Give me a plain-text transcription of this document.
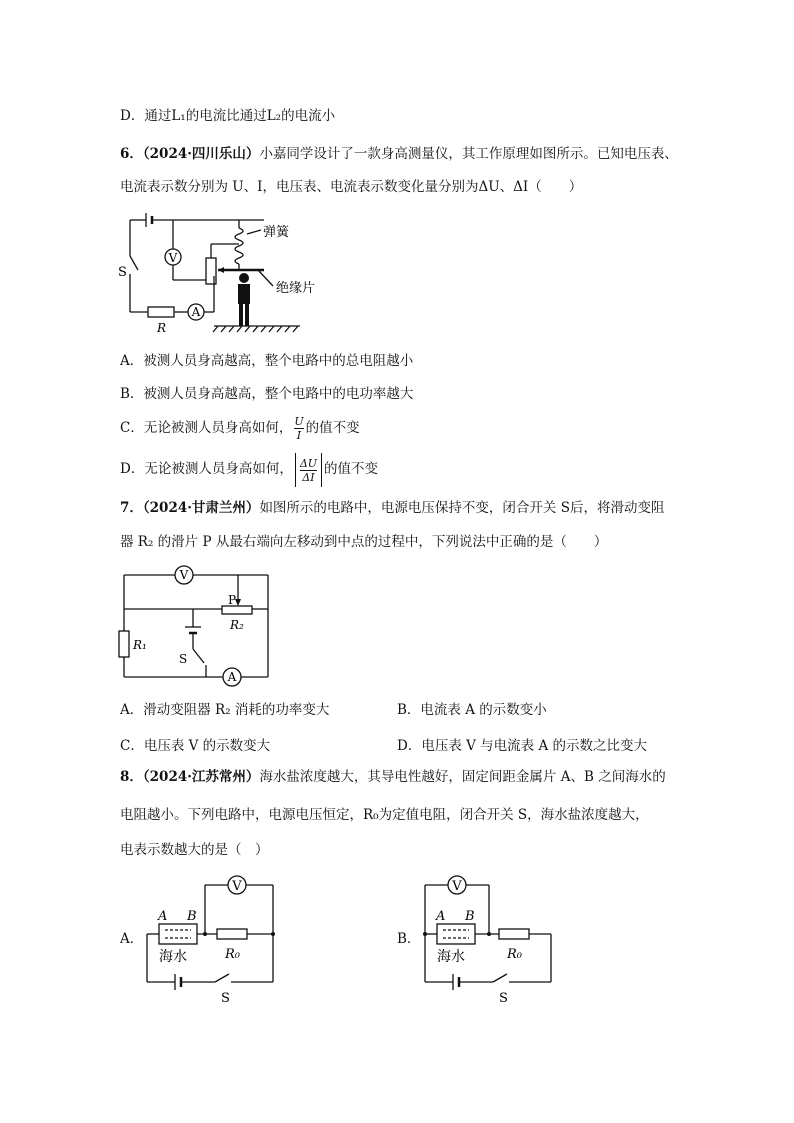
D．通过L₁的电流比通过L₂的电流小
6．（2024·四川乐山）小嘉同学设计了一款身高测量仪，其工作原理如图所示。已知电压表、
电流表示数分别为 U、I，电压表、电流表示数变化量分别为ΔU、ΔI（　　）
V
A
S
R
弹簧
绝缘片
A．被测人员身高越高，整个电路中的总电阻越小
B．被测人员身高越高，整个电路中的电功率越大
C．无论被测人员身高如何， $\frac{U}{I}$ 的值不变
D．无论被测人员身高如何， $\frac{\Delta U}{\Delta I}$ 的值不变
7．（2024·甘肃兰州）如图所示的电路中，电源电压保持不变，闭合开关 S后，将滑动变阻
器 R₂ 的滑片 P 从最右端向左移动到中点的过程中，下列说法中正确的是（　　）
V
A
P
R₂
R₁
S
A．滑动变阻器 R₂ 消耗的功率变大	B．电流表 A 的示数变小
C．电压表 V 的示数变大	D．电压表 V 与电流表 A 的示数之比变大
8．（2024·江苏常州）海水盐浓度越大，其导电性越好，固定间距金属片 A、B 之间海水的
电阻越小。下列电路中，电源电压恒定，R₀为定值电阻，闭合开关 S，海水盐浓度越大，
电表示数越大的是（　）
A．
V
A B
海水	R₀
S
B．
V
A B
海水	R₀
S
